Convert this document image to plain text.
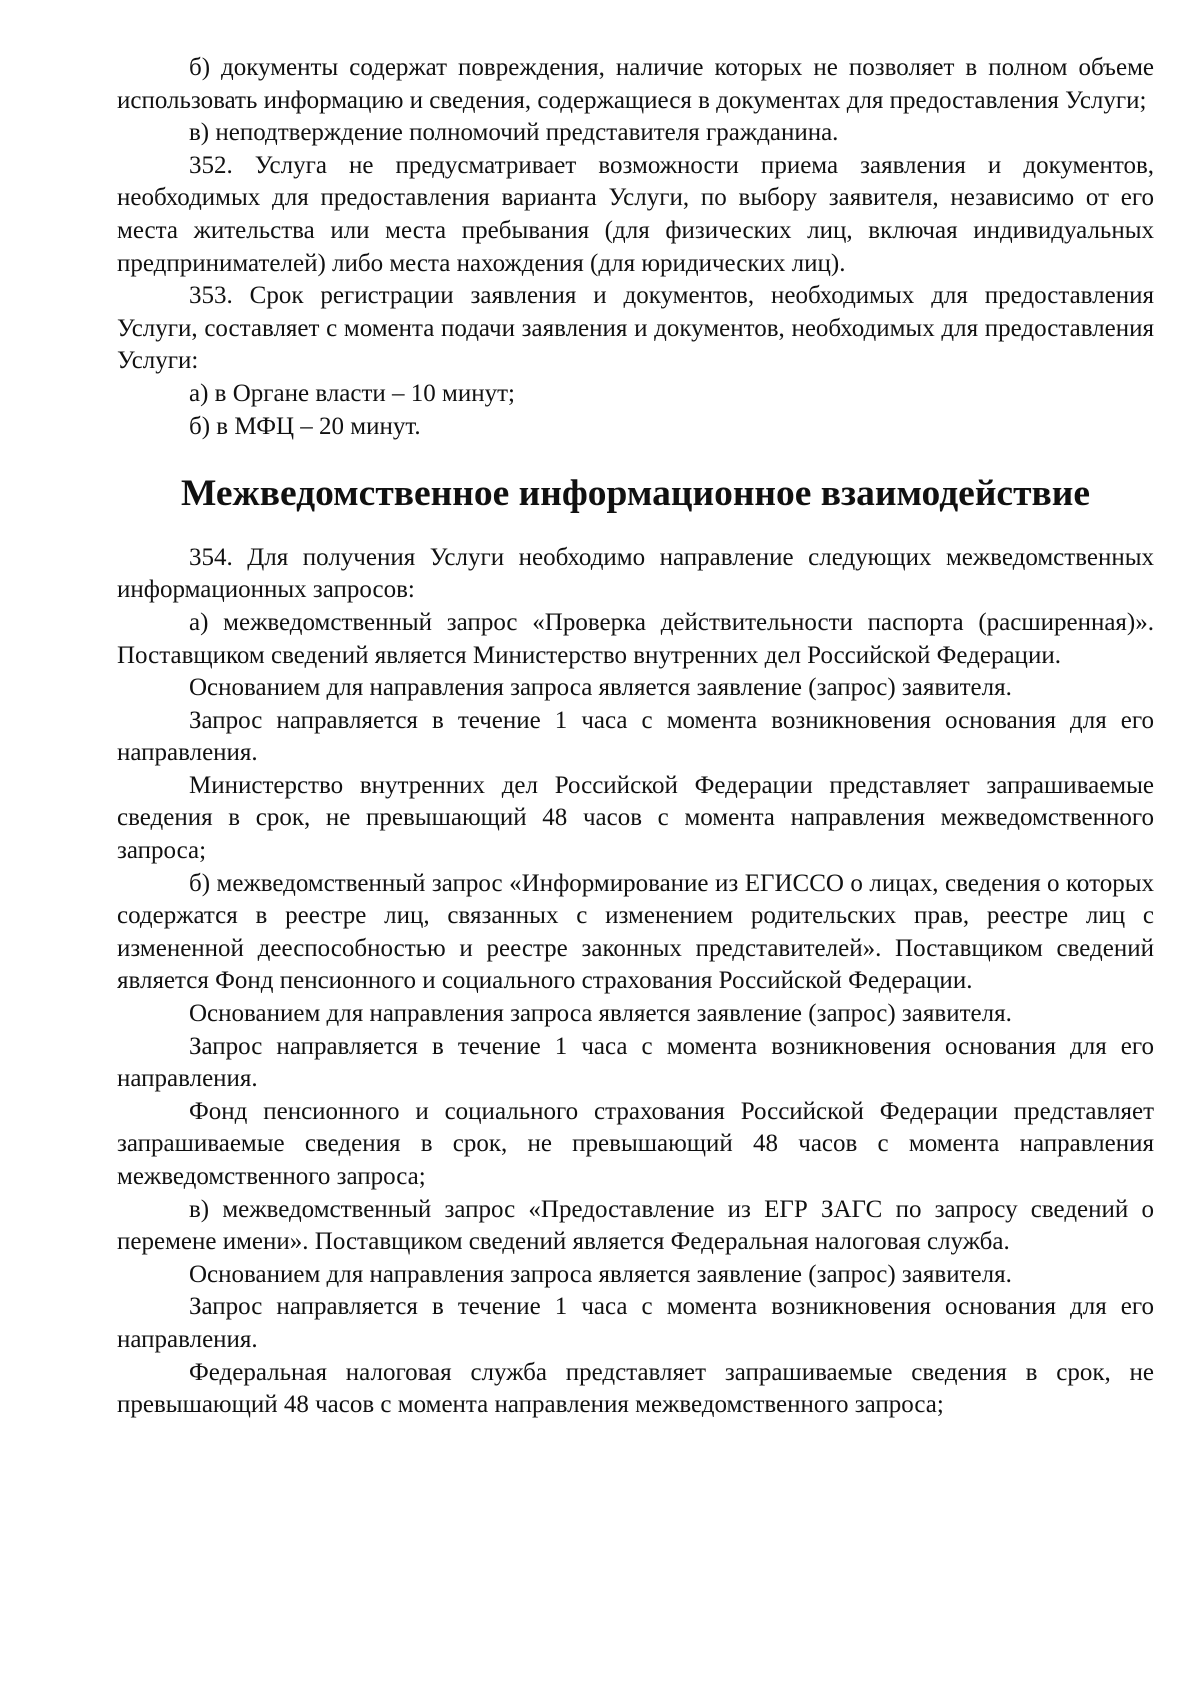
б) документы содержат повреждения, наличие которых не позволяет в полном объеме использовать информацию и сведения, содержащиеся в документах для предоставления Услуги;

в) неподтверждение полномочий представителя гражданина.

352. Услуга не предусматривает возможности приема заявления и документов, необходимых для предоставления варианта Услуги, по выбору заявителя, независимо от его места жительства или места пребывания (для физических лиц, включая индивидуальных предпринимателей) либо места нахождения (для юридических лиц).

353. Срок регистрации заявления и документов, необходимых для предоставления Услуги, составляет с момента подачи заявления и документов, необходимых для предоставления Услуги:

а) в Органе власти – 10 минут;

б) в МФЦ – 20 минут.

Межведомственное информационное взаимодействие

354. Для получения Услуги необходимо направление следующих межведомственных информационных запросов:

а) межведомственный запрос «Проверка действительности паспорта (расширенная)». Поставщиком сведений является Министерство внутренних дел Российской Федерации.

Основанием для направления запроса является заявление (запрос) заявителя.

Запрос направляется в течение 1 часа с момента возникновения основания для его направления.

Министерство внутренних дел Российской Федерации представляет запрашиваемые сведения в срок, не превышающий 48 часов с момента направления межведомственного запроса;

б) межведомственный запрос «Информирование из ЕГИССО о лицах, сведения о которых содержатся в реестре лиц, связанных с изменением родительских прав, реестре лиц с измененной дееспособностью и реестре законных представителей». Поставщиком сведений является Фонд пенсионного и социального страхования Российской Федерации.

Основанием для направления запроса является заявление (запрос) заявителя.

Запрос направляется в течение 1 часа с момента возникновения основания для его направления.

Фонд пенсионного и социального страхования Российской Федерации представляет запрашиваемые сведения в срок, не превышающий 48 часов с момента направления межведомственного запроса;

в) межведомственный запрос «Предоставление из ЕГР ЗАГС по запросу сведений о перемене имени». Поставщиком сведений является Федеральная налоговая служба.

Основанием для направления запроса является заявление (запрос) заявителя.

Запрос направляется в течение 1 часа с момента возникновения основания для его направления.

Федеральная налоговая служба представляет запрашиваемые сведения в срок, не превышающий 48 часов с момента направления межведомственного запроса;
